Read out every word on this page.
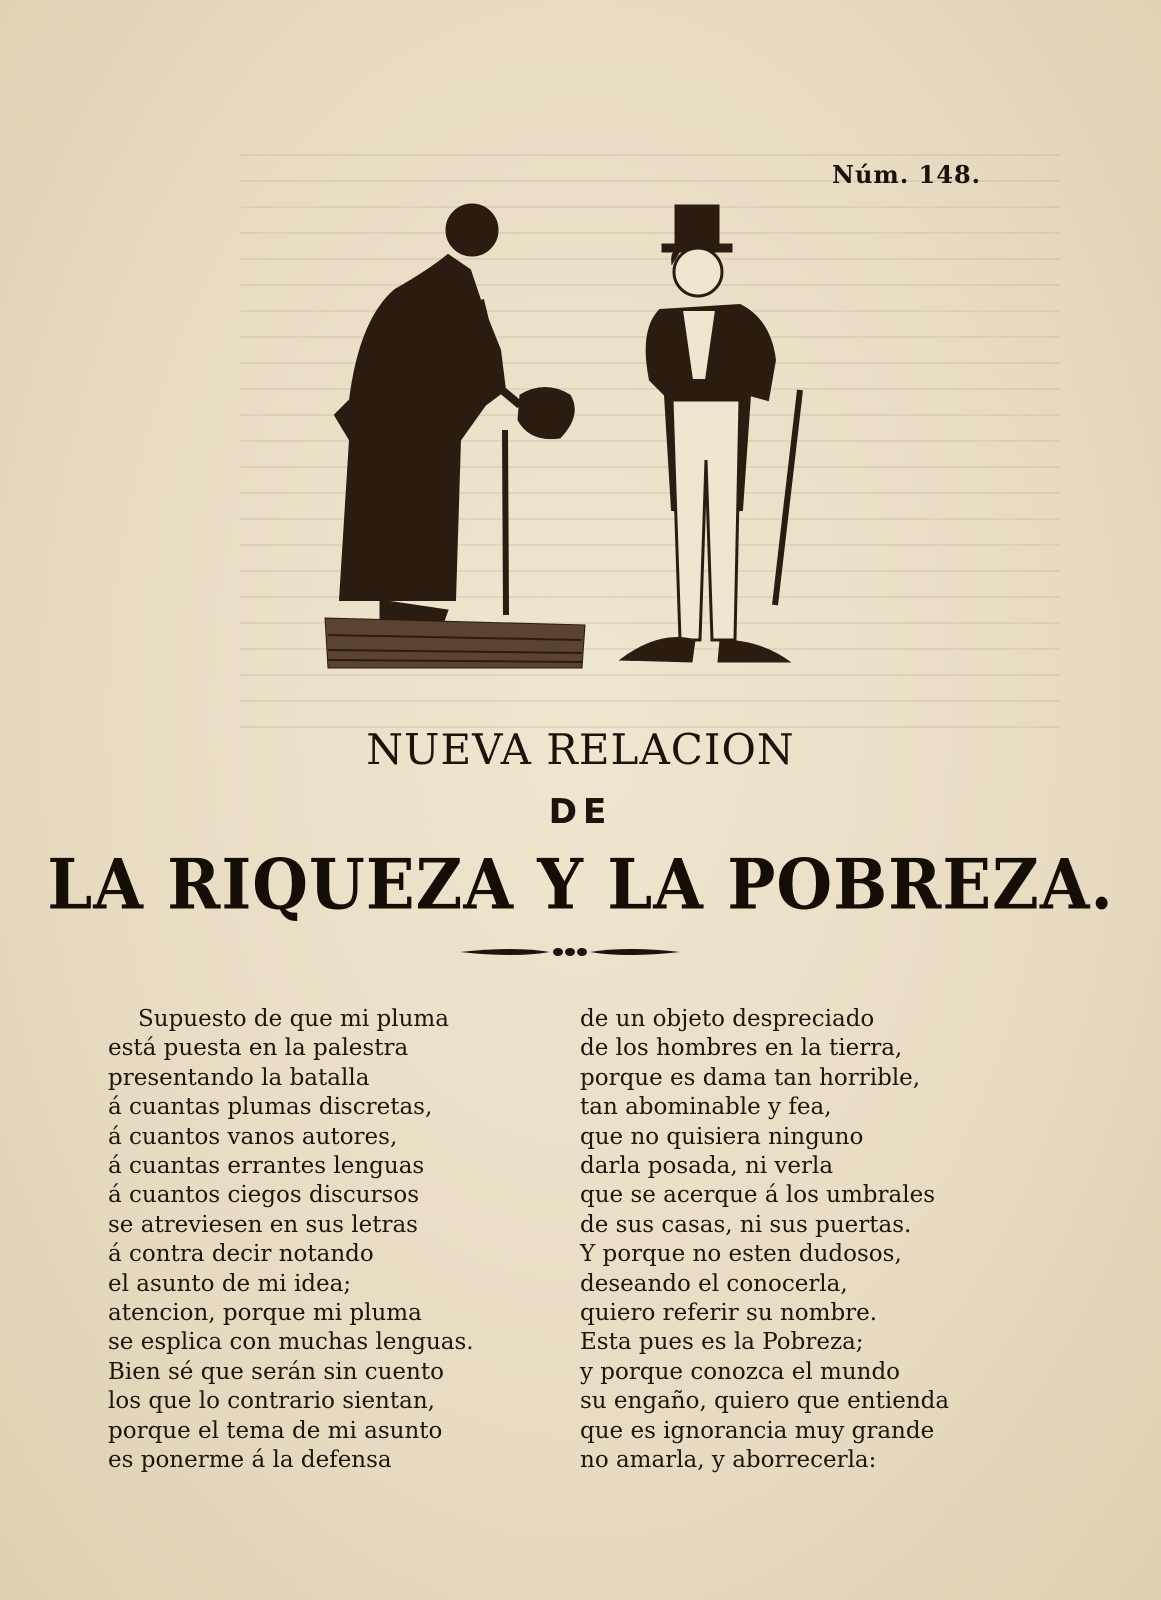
Núm. 148.
NUEVA RELACION
DE
LA RIQUEZA Y LA POBREZA.
Supuesto de que mi pluma
está puesta en la palestra
presentando la batalla
á cuantas plumas discretas,
á cuantos vanos autores,
á cuantas errantes lenguas
á cuantos ciegos discursos
se atreviesen en sus letras
á contra decir notando
el asunto de mi idea;
atencion, porque mi pluma
se esplica con muchas lenguas.
Bien sé que serán sin cuento
los que lo contrario sientan,
porque el tema de mi asunto
es ponerme á la defensa
de un objeto despreciado
de los hombres en la tierra,
porque es dama tan horrible,
tan abominable y fea,
que no quisiera ninguno
darla posada, ni verla
que se acerque á los umbrales
de sus casas, ni sus puertas.
Y porque no esten dudosos,
deseando el conocerla,
quiero referir su nombre.
Esta pues es la Pobreza;
y porque conozca el mundo
su engaño, quiero que entienda
que es ignorancia muy grande
no amarla, y aborrecerla:
